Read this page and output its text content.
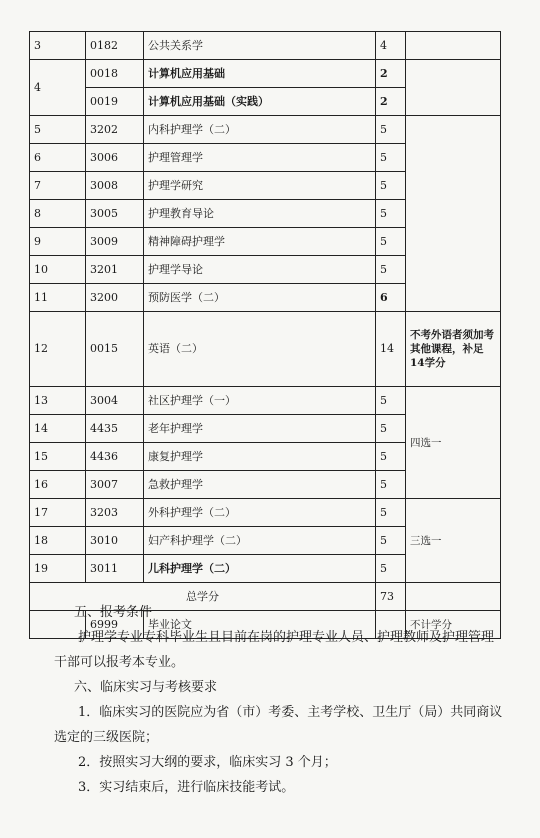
3	0182	公共关系学	4	
4	0018	计算机应用基础	2	
	0019	计算机应用基础（实践）	2	
5	3202	内科护理学（二）	5	
6	3006	护理管理学	5	
7	3008	护理学研究	5	
8	3005	护理教育导论	5	
9	3009	精神障碍护理学	5	
10	3201	护理学导论	5	
11	3200	预防医学（二）	6	
12	0015	英语（二）	14	不考外语者须加考其他课程，补足14学分
13	3004	社区护理学（一）	5	四选一
14	4435	老年护理学	5	
15	4436	康复护理学	5	
16	3007	急救护理学	5	
17	3203	外科护理学（二）	5	三选一
18	3010	妇产科护理学（二）	5	
19	3011	儿科护理学（二）	5	
总学分			73	
	6999	毕业论文		不计学分

五、报考条件

护理学专业专科毕业生且目前在岗的护理专业人员、护理教师及护理管理干部可以报考本专业。

六、临床实习与考核要求

1．临床实习的医院应为省（市）考委、主考学校、卫生厅（局）共同商议选定的三级医院；

2．按照实习大纲的要求，临床实习 3 个月；

3．实习结束后，进行临床技能考试。
